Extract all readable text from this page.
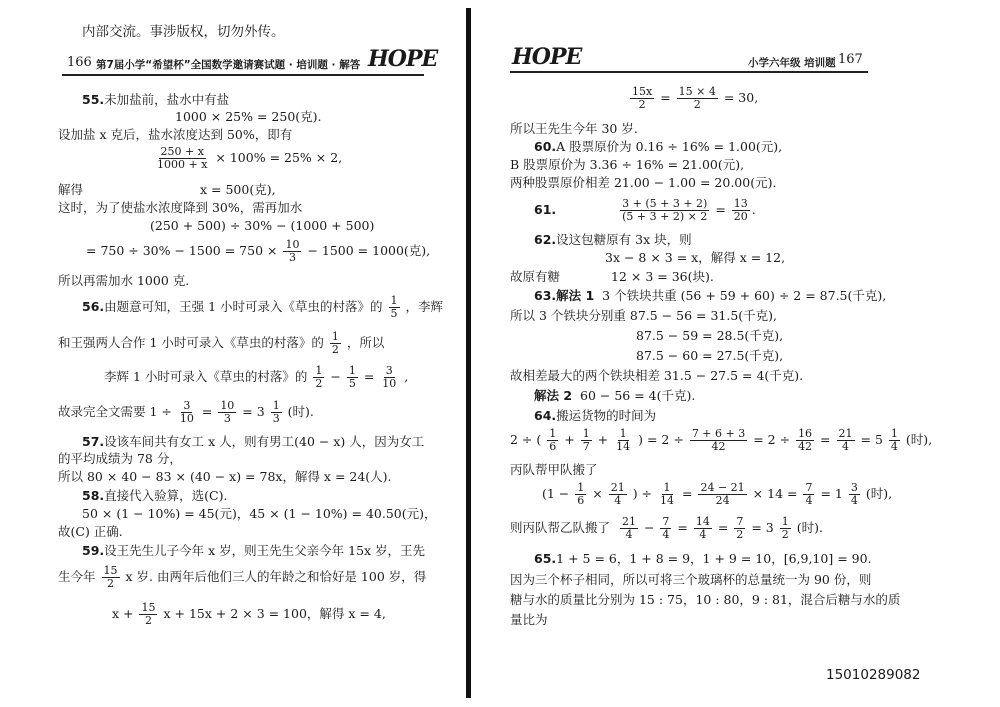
内部交流。事涉版权，切勿外传。
166 第7届小学“希望杯”全国数学邀请赛试题 · 培训题 · 解答 HOPE
55.未加盐前，盐水中有盐
1000 × 25% = 250(克).
设加盐 x 克后，盐水浓度达到 50%，即有
$\frac{250 + x}{1000 + x} \times 100\% = 25\% \times 2$,
解得	x = 500(克),
这时，为了使盐水浓度降到 30%，需再加水
(250 + 500) ÷ 30% − (1000 + 500)
= $750 \div 30\% - 1500 = 750 \times \frac{10}{3} - 1500 = 1000$(克),
所以再需加水 1000 克.
56.由题意可知，王强 1 小时可录入《草虫的村落》的 $\frac{1}{5}$ ，李辉
和王强两人合作 1 小时可录入《草虫的村落》的 $\frac{1}{2}$ ，所以
李辉 1 小时可录入《草虫的村落》的 $\frac{1}{2} - \frac{1}{5} = \frac{3}{10}$ ,
故录完全文需要 $1 \div \frac{3}{10} = \frac{10}{3} = 3 \frac{1}{3}$ (时).
57.设该车间共有女工 x 人，则有男工(40 − x) 人，因为女工
的平均成绩为 78 分，
所以 80 × 40 − 83 × (40 − x) = 78x，解得 x = 24(人).
58.直接代入验算，选(C).
50 × (1 − 10%) = 45(元)，45 × (1 − 10%) = 40.50(元)，
故(C) 正确.
59.设王先生儿子今年 x 岁，则王先生父亲今年 15x 岁，王先
生今年 $\frac{15}{2}$ x 岁. 由两年后他们三人的年龄之和恰好是 100 岁，得
$x + \frac{15}{2}$ x + 15x + 2 × 3 = 100，解得 x = 4,
HOPE	小学六年级 培训题 167
$\frac{15x}{2} = \frac{15 \times 4}{2} = 30$,
所以王先生今年 30 岁.
60.A 股票原价为 0.16 ÷ 16% = 1.00(元),
B 股票原价为 3.36 ÷ 16% = 21.00(元),
两种股票原价相差 21.00 − 1.00 = 20.00(元).
61.	$\frac{3 + (5 + 3 + 2)}{(5 + 3 + 2) \times 2} = \frac{13}{20}$ .
62.设这包糖原有 3x 块，则
3x − 8 × 3 = x，解得 x = 12,
故原有糖	12 × 3 = 36(块).
63.解法 1 3 个铁块共重 (56 + 59 + 60) ÷ 2 = 87.5(千克),
所以 3 个铁块分别重 87.5 − 56 = 31.5(千克),
87.5 − 59 = 28.5(千克),
87.5 − 60 = 27.5(千克),
故相差最大的两个铁块相差 31.5 − 27.5 = 4(千克).
解法 2 60 − 56 = 4(千克).
64.搬运货物的时间为
2 ÷ ( $\frac{1}{6} + \frac{1}{7} + \frac{1}{14}$ ) = $2 \div \frac{7 + 6 + 3}{42} = 2 \div \frac{16}{42} = \frac{21}{4} = 5 \frac{1}{4}$ (时),
丙队帮甲队搬了
($1 - \frac{1}{6} \times \frac{21}{4}$ ) ÷ $\frac{1}{14} = \frac{24 - 21}{24} \times 14 = \frac{7}{4} = 1 \frac{3}{4}$ (时),
则丙队帮乙队搬了 $\frac{21}{4} - \frac{7}{4} = \frac{14}{4} = \frac{7}{2} = 3 \frac{1}{2}$ (时).
65.1 + 5 = 6，1 + 8 = 9，1 + 9 = 10，[6,9,10] = 90.
因为三个杯子相同，所以可将三个玻璃杯的总量统一为 90 份，则
糖与水的质量比分别为 15 : 75，10 : 80，9 : 81，混合后糖与水的质
量比为
15010289082
